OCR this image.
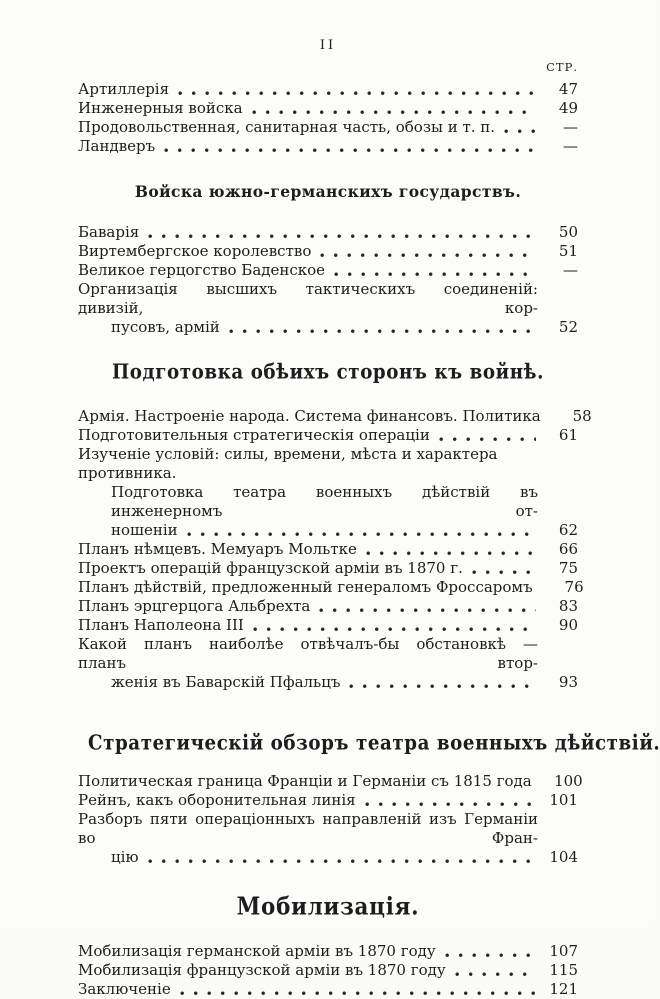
II
СТР.
Артиллерія	47
Инженерныя войска	49
Продовольственная, санитарная часть, обозы и т. п.	—
Ландверъ	—
Войска южно-германскихъ государствъ.
Баварія	50
Виртембергское королевство	51
Великое герцогство Баденское	—
Организація высшихъ тактическихъ соединеній: дивизій, кор-
пусовъ, армій	52
Подготовка обѣихъ сторонъ къ войнѣ.
Армія. Настроеніе народа. Система финансовъ. Политика	58
Подготовительныя стратегическія операціи	61
Изученіе условій: силы, времени, мѣста и характера противника.
Подготовка театра военныхъ дѣйствій въ инженерномъ от-
ношеніи	62
Планъ нѣмцевъ. Мемуаръ Мольтке	66
Проектъ операцій французской арміи въ 1870 г.	75
Планъ дѣйствій, предложенный генераломъ Фроссаромъ	76
Планъ эрцгерцога Альбрехта	83
Планъ Наполеона III	90
Какой планъ наиболѣе отвѣчалъ-бы обстановкѣ — планъ втор-
женія въ Баварскій Пфальцъ	93
Стратегическій обзоръ театра военныхъ дѣйствій.
Политическая граница Франціи и Германіи съ 1815 года	100
Рейнъ, какъ оборонительная линія	101
Разборъ пяти операціонныхъ направленій изъ Германіи во Фран-
цію	104
Мобилизація.
Мобилизація германской арміи въ 1870 году	107
Мобилизація французской арміи въ 1870 году	115
Заключеніе	121
